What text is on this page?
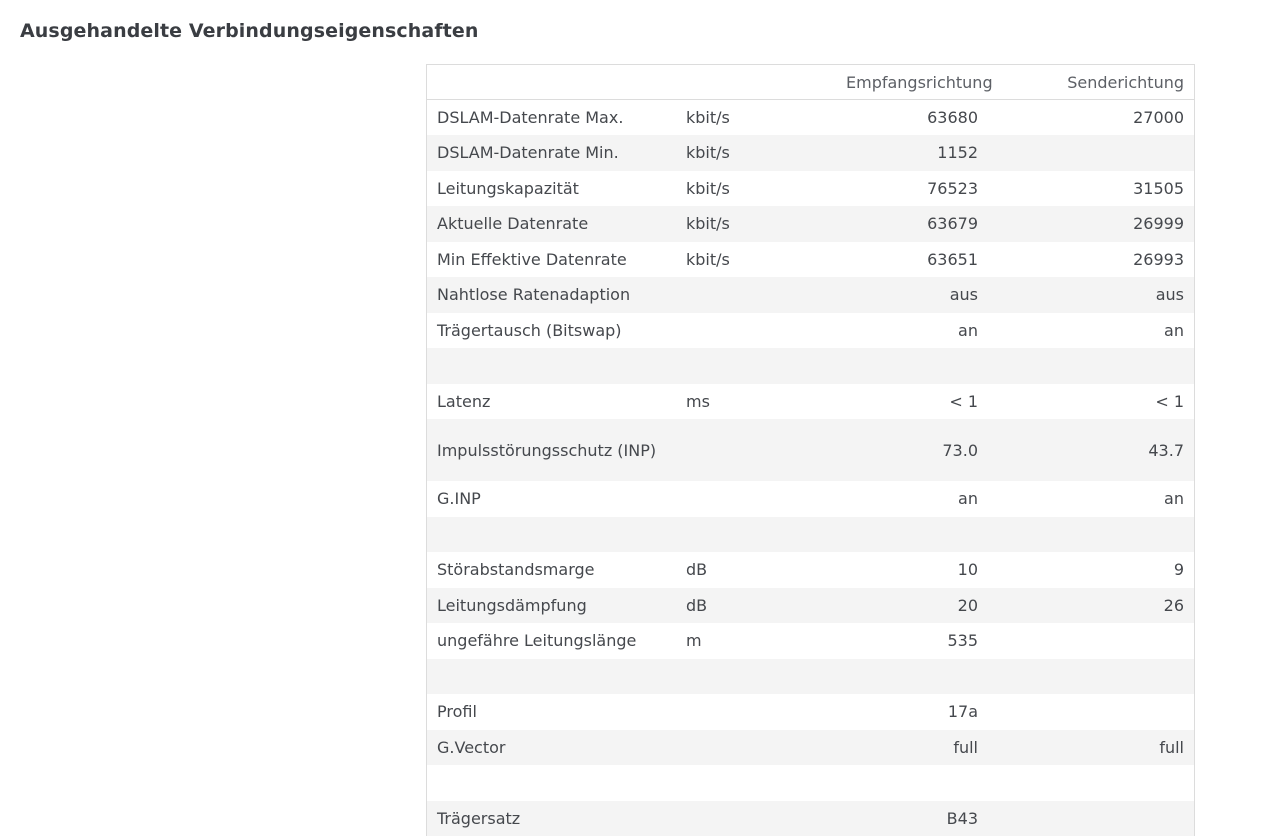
Ausgehandelte Verbindungseigenschaften
		Empfangsrichtung	Senderichtung
DSLAM-Datenrate Max.	kbit/s	63680	27000
DSLAM-Datenrate Min.	kbit/s	1152	
Leitungskapazität	kbit/s	76523	31505
Aktuelle Datenrate	kbit/s	63679	26999
Min Effektive Datenrate	kbit/s	63651	26993
Nahtlose Ratenadaption		aus	aus
Trägertausch (Bitswap)		an	an

Latenz	ms	< 1	< 1
Impulsstörungsschutz (INP)		73.0	43.7
G.INP		an	an

Störabstandsmarge	dB	10	9
Leitungsdämpfung	dB	20	26
ungefähre Leitungslänge	m	535	

Profil		17a	
G.Vector		full	full

Trägersatz		B43	
